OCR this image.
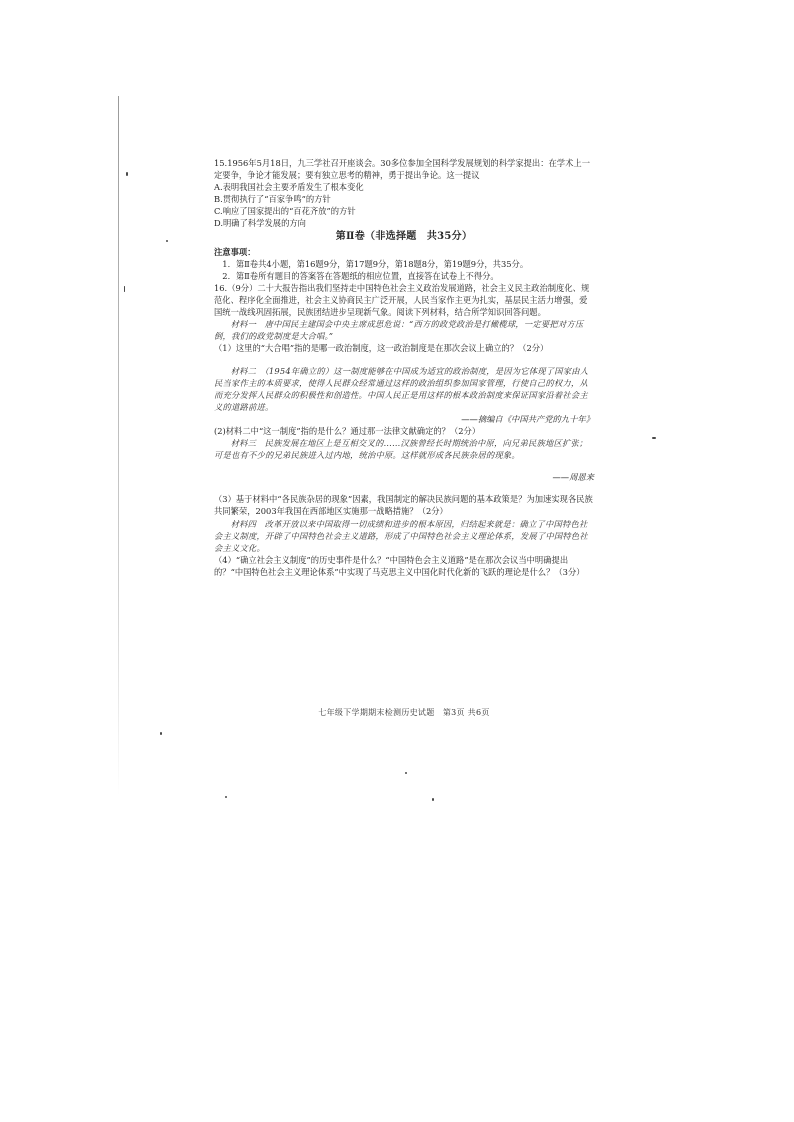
15.1956年5月18日，九三学社召开座谈会。30多位参加全国科学发展规划的科学家提出：在学术上一定要争，争论才能发展；要有独立思考的精神，勇于提出争论。这一提议

A.表明我国社会主要矛盾发生了根本变化

B.贯彻执行了“百家争鸣”的方针

C.响应了国家提出的“百花齐放”的方针

D.明确了科学发展的方向

第Ⅱ卷（非选择题　共35分）

注意事项：

1．第Ⅱ卷共4小题，第16题9分，第17题9分，第18题8分，第19题9分，共35分。

2．第Ⅱ卷所有题目的答案答在答题纸的相应位置，直接答在试卷上不得分。

16.（9分）二十大报告指出我们坚持走中国特色社会主义政治发展道路，社会主义民主政治制度化、规范化、程序化全面推进，社会主义协商民主广泛开展，人民当家作主更为扎实，基层民主活力增强，爱国统一战线巩固拓展，民族团结进步呈现新气象。阅读下列材料，结合所学知识回答问题。

材料一　唐中国民主建国会中央主席成思危说：“西方的政党政治是打橄榄球，一定要把对方压倒，我们的政党制度是大合唱。”

（1）这里的“大合唱”指的是哪一政治制度，这一政治制度是在那次会议上确立的？（2分）

材料二　（1954年确立的）这一制度能够在中国成为适宜的政治制度，是因为它体现了国家由人民当家作主的本质要求，使得人民群众经常通过这样的政治组织参加国家管理，行使自己的权力，从而充分发挥人民群众的积极性和创造性。中国人民正是用这样的根本政治制度来保证国家沿着社会主义的道路前进。

——摘编自《中国共产党的九十年》

(2)材料二中“这一制度”指的是什么？通过那一法律文献确定的？（2分）

材料三　民族发展在地区上是互相交叉的……汉族曾经长时期统治中原，向兄弟民族地区扩张；可是也有不少的兄弟民族进入过内地，统治中原。这样就形成各民族杂居的现象。

——周恩来

（3）基于材料中“各民族杂居的现象”因素，我国制定的解决民族问题的基本政策是？为加速实现各民族共同繁荣，2003年我国在西部地区实施那一战略措施？（2分）

材料四　改革开放以来中国取得一切成绩和进步的根本原因，归结起来就是：确立了中国特色社会主义制度，开辟了中国特色社会主义道路，形成了中国特色社会主义理论体系，发展了中国特色社会主义文化。

（4）“确立社会主义制度”的历史事件是什么？“中国特色会主义道路”是在那次会议当中明确提出的？“中国特色社会主义理论体系”中实现了马克思主义中国化时代化新的飞跃的理论是什么？（3分）

七年级下学期期末检测历史试题　第3页 共6页
